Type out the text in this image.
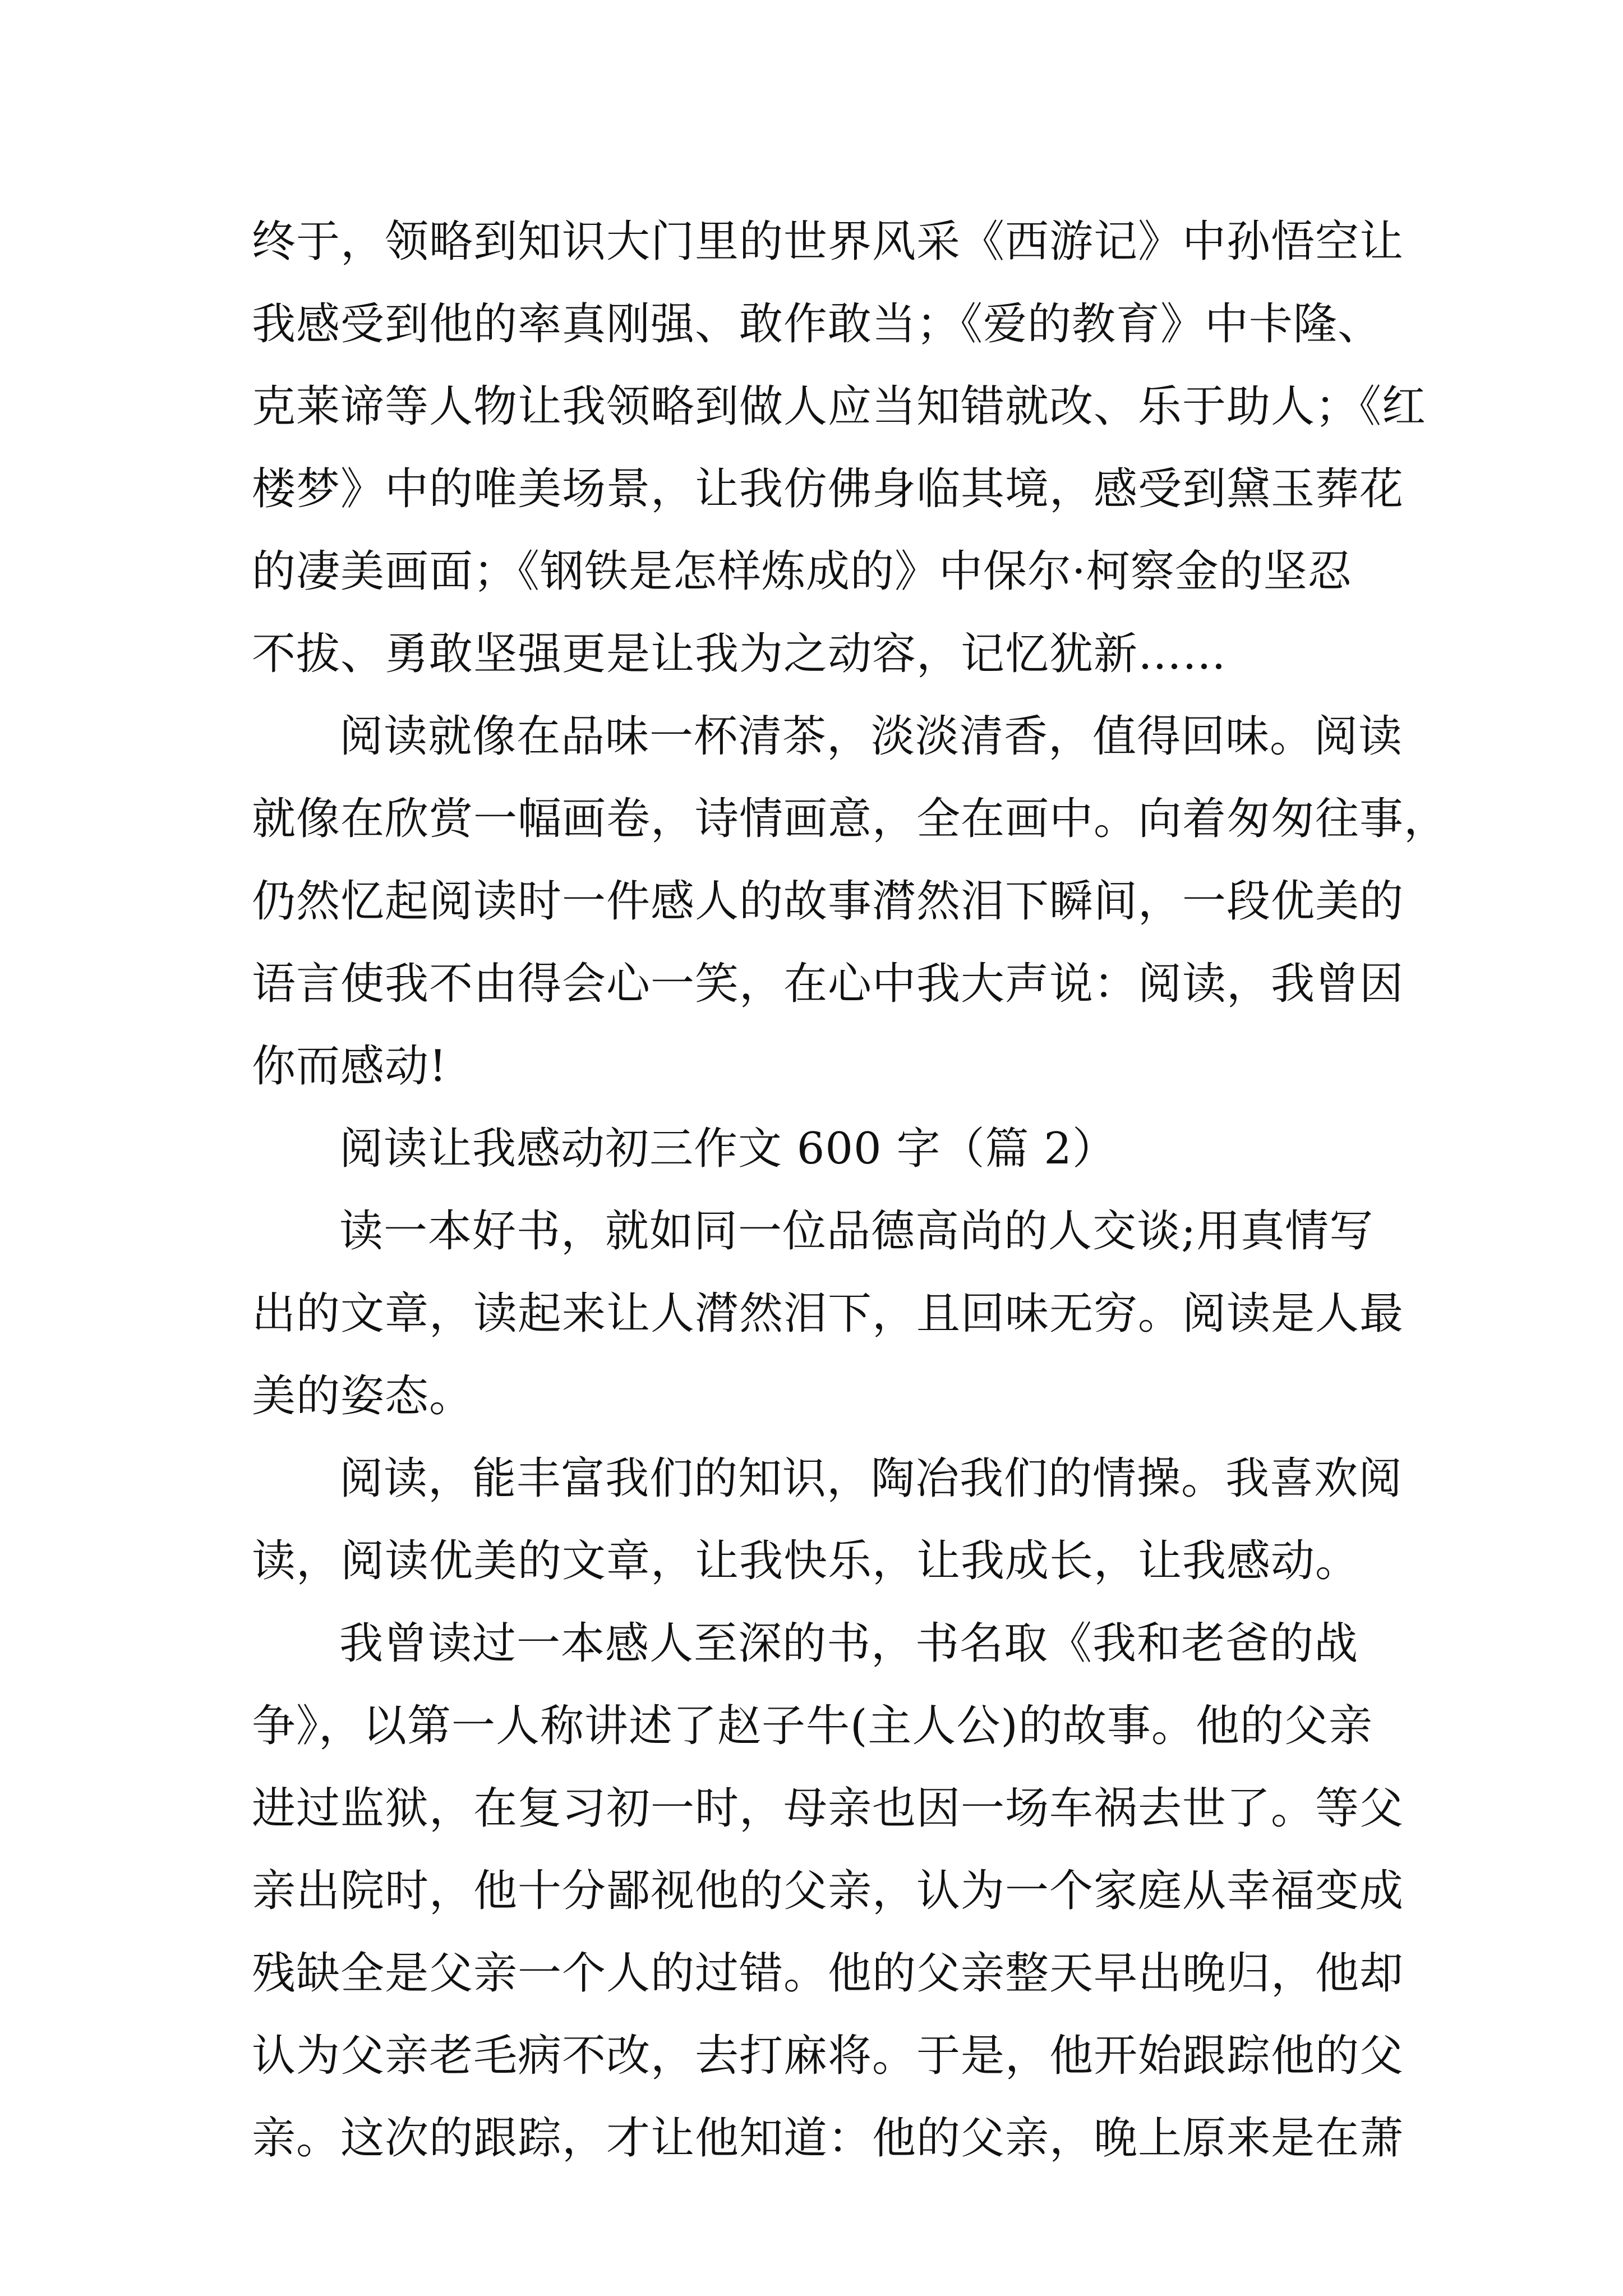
终于，领略到知识大门里的世界风采《西游记》中孙悟空让
我感受到他的率真刚强、敢作敢当；《爱的教育》中卡隆、
克莱谛等人物让我领略到做人应当知错就改、乐于助人；《红
楼梦》中的唯美场景，让我仿佛身临其境，感受到黛玉葬花
的凄美画面；《钢铁是怎样炼成的》中保尔·柯察金的坚忍
不拔、勇敢坚强更是让我为之动容，记忆犹新……
阅读就像在品味一杯清茶，淡淡清香，值得回味。阅读
就像在欣赏一幅画卷，诗情画意，全在画中。向着匆匆往事，
仍然忆起阅读时一件感人的故事潸然泪下瞬间，一段优美的
语言使我不由得会心一笑，在心中我大声说：阅读，我曾因
你而感动!
阅读让我感动初三作文 600 字（篇 2）
读一本好书，就如同一位品德高尚的人交谈;用真情写
出的文章，读起来让人潸然泪下，且回味无穷。阅读是人最
美的姿态。
阅读，能丰富我们的知识，陶冶我们的情操。我喜欢阅
读，阅读优美的文章，让我快乐，让我成长，让我感动。
我曾读过一本感人至深的书，书名取《我和老爸的战
争》，以第一人称讲述了赵子牛(主人公)的故事。他的父亲
进过监狱，在复习初一时，母亲也因一场车祸去世了。等父
亲出院时，他十分鄙视他的父亲，认为一个家庭从幸福变成
残缺全是父亲一个人的过错。他的父亲整天早出晚归，他却
认为父亲老毛病不改，去打麻将。于是，他开始跟踪他的父
亲。这次的跟踪，才让他知道：他的父亲，晚上原来是在萧
